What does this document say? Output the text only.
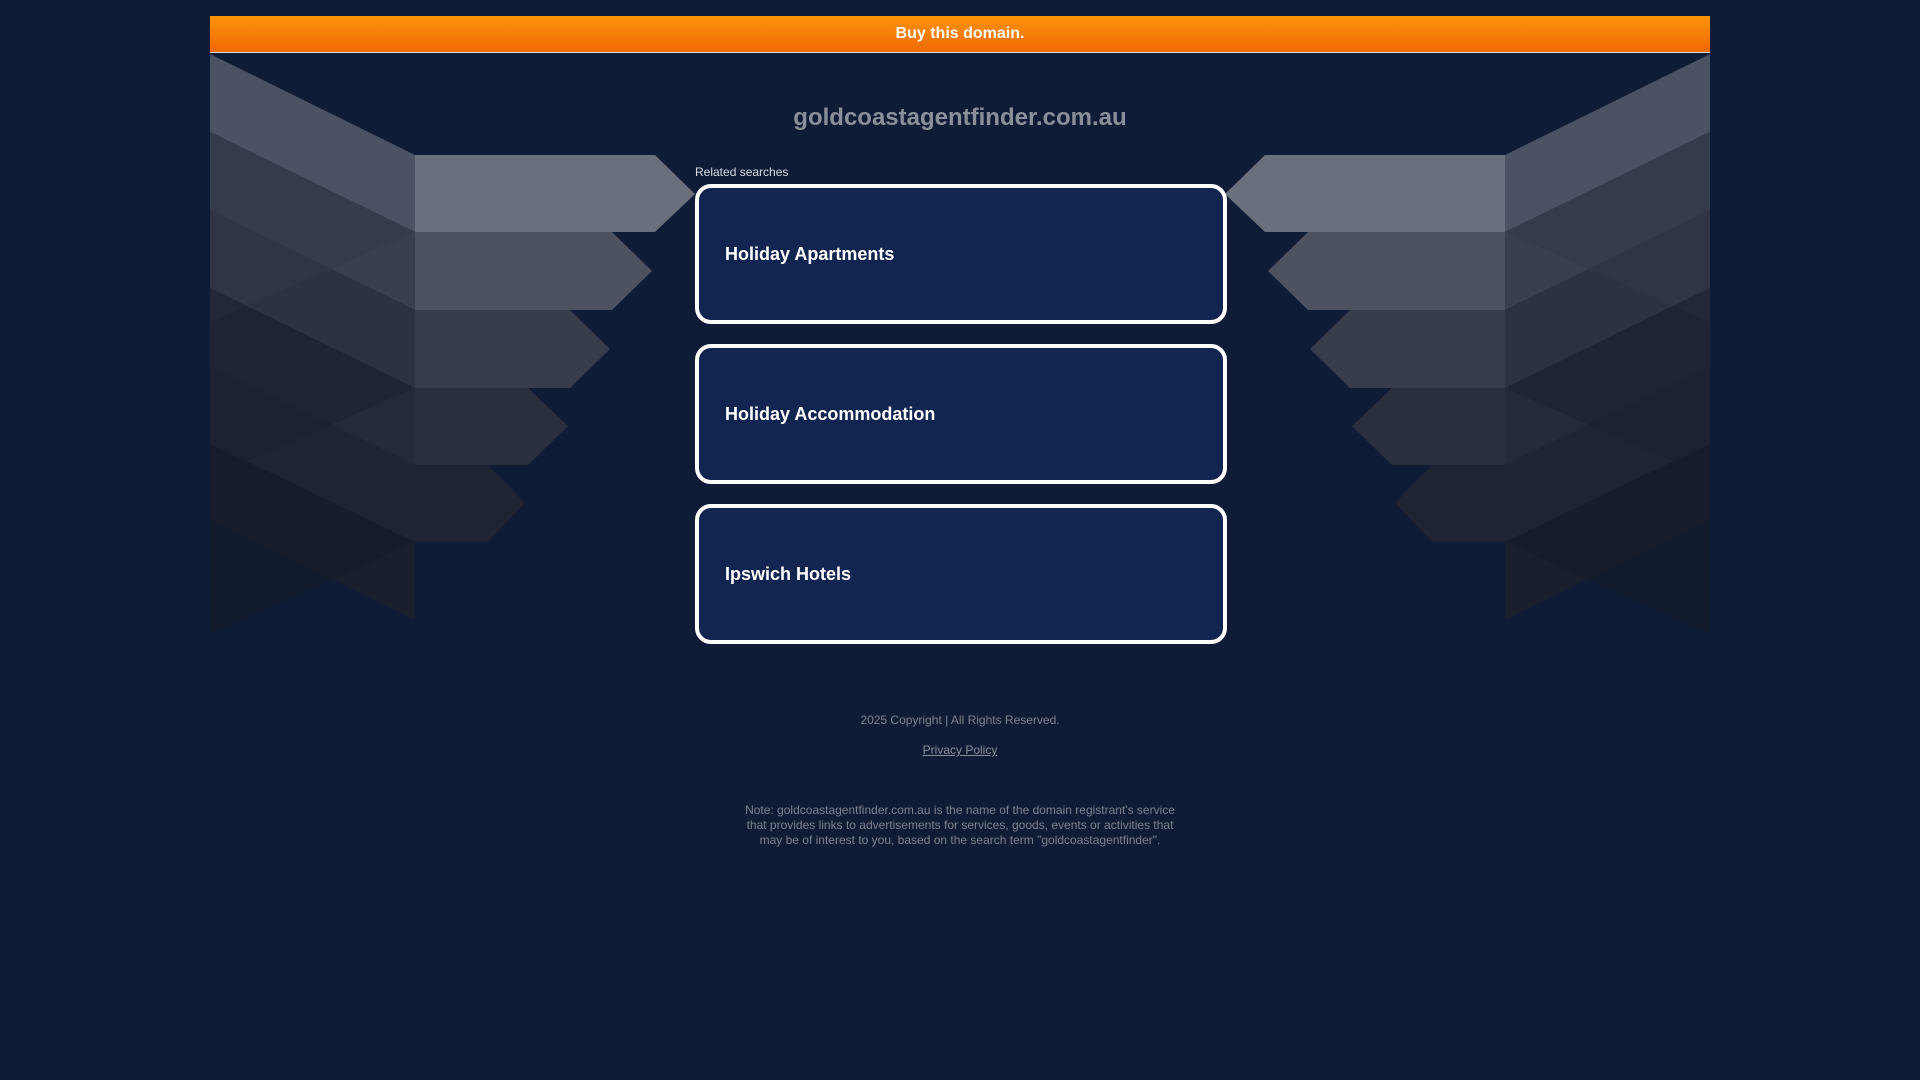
Buy this domain.
goldcoastagentfinder.com.au
Related searches
Holiday Apartments
Holiday Accommodation
Ipswich Hotels
2025 Copyright | All Rights Reserved.
Privacy Policy
Note: goldcoastagentfinder.com.au is the name of the domain registrant's service that provides links to advertisements for services, goods, events or activities that may be of interest to you, based on the search term "goldcoastagentfinder".
